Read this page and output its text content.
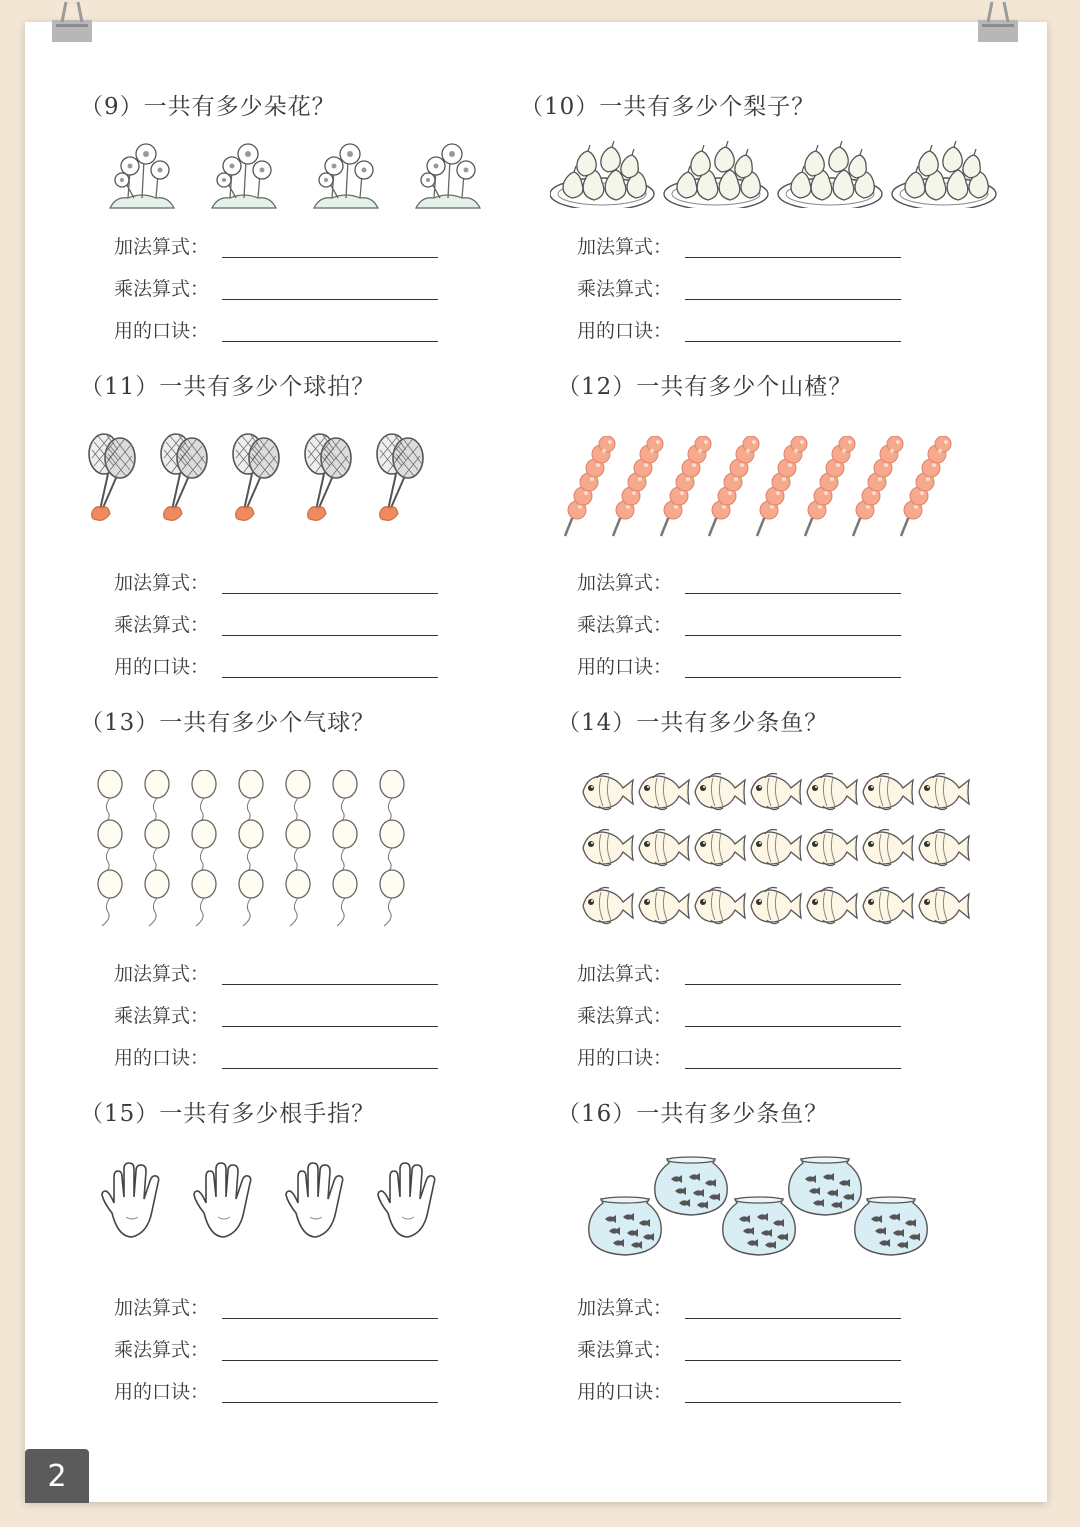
（9）一共有多少朵花？
加法算式：
乘法算式：
用的口诀：
（10）一共有多少个梨子？
加法算式：
乘法算式：
用的口诀：
（11）一共有多少个球拍？
加法算式：
乘法算式：
用的口诀：
（12）一共有多少个山楂？
加法算式：
乘法算式：
用的口诀：
（13）一共有多少个气球？
加法算式：
乘法算式：
用的口诀：
（14）一共有多少条鱼？
加法算式：
乘法算式：
用的口诀：
（15）一共有多少根手指？
加法算式：
乘法算式：
用的口诀：
（16）一共有多少条鱼？
加法算式：
乘法算式：
用的口诀：
2
